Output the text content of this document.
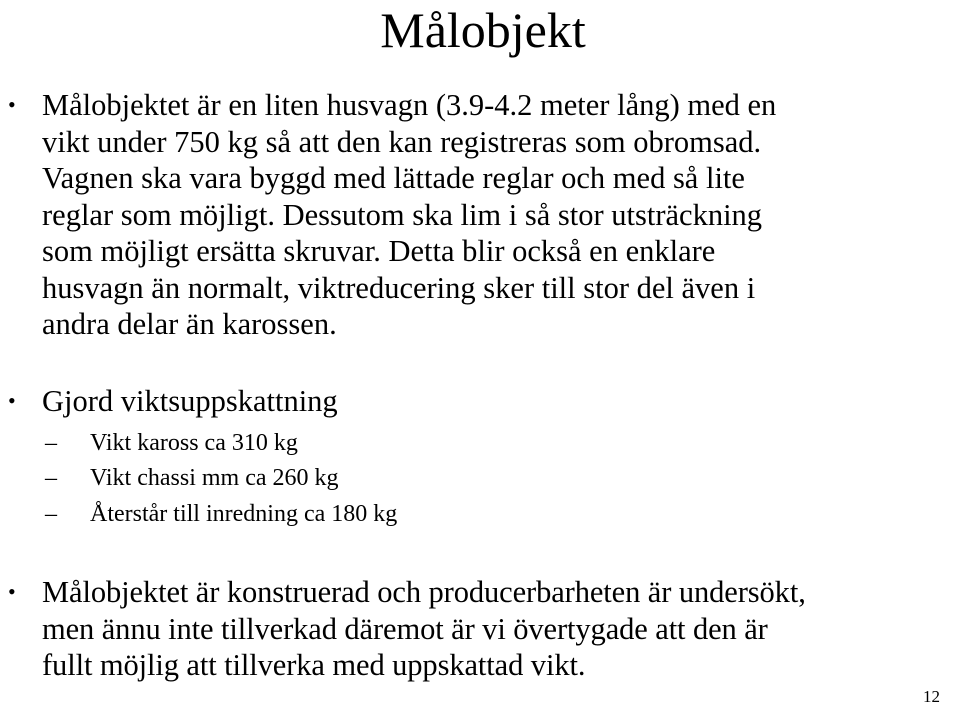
Målobjekt
• Målobjektet är en liten husvagn (3.9-4.2 meter lång) med en
vikt under 750 kg så att den kan registreras som obromsad.
Vagnen ska vara byggd med lättade reglar och med så lite
reglar som möjligt. Dessutom ska lim i så stor utsträckning
som möjligt ersätta skruvar. Detta blir också en enklare
husvagn än normalt, viktreducering sker till stor del även i
andra delar än karossen.
• Gjord viktsuppskattning
– Vikt kaross ca 310 kg
– Vikt chassi mm ca 260 kg
– Återstår till inredning ca 180 kg
• Målobjektet är konstruerad och producerbarheten är undersökt,
men ännu inte tillverkad däremot är vi övertygade att den är
fullt möjlig att tillverka med uppskattad vikt.
12
